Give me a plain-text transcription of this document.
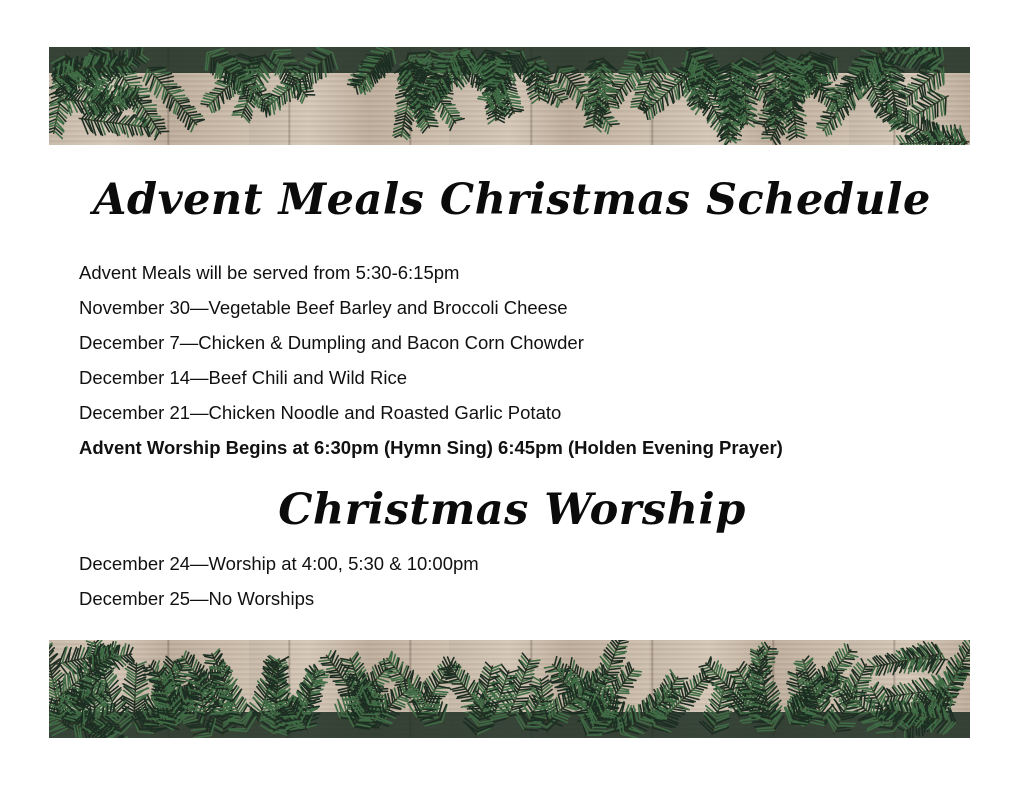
Advent Meals Christmas Schedule
Advent Meals will be served from 5:30-6:15pm
November 30—Vegetable Beef Barley and Broccoli Cheese
December 7—Chicken & Dumpling and Bacon Corn Chowder
December 14—Beef Chili and Wild Rice
December 21—Chicken Noodle and Roasted Garlic Potato
Advent Worship Begins at 6:30pm (Hymn Sing) 6:45pm (Holden Evening Prayer)
Christmas Worship
December 24—Worship at 4:00, 5:30 & 10:00pm
December 25—No Worships
